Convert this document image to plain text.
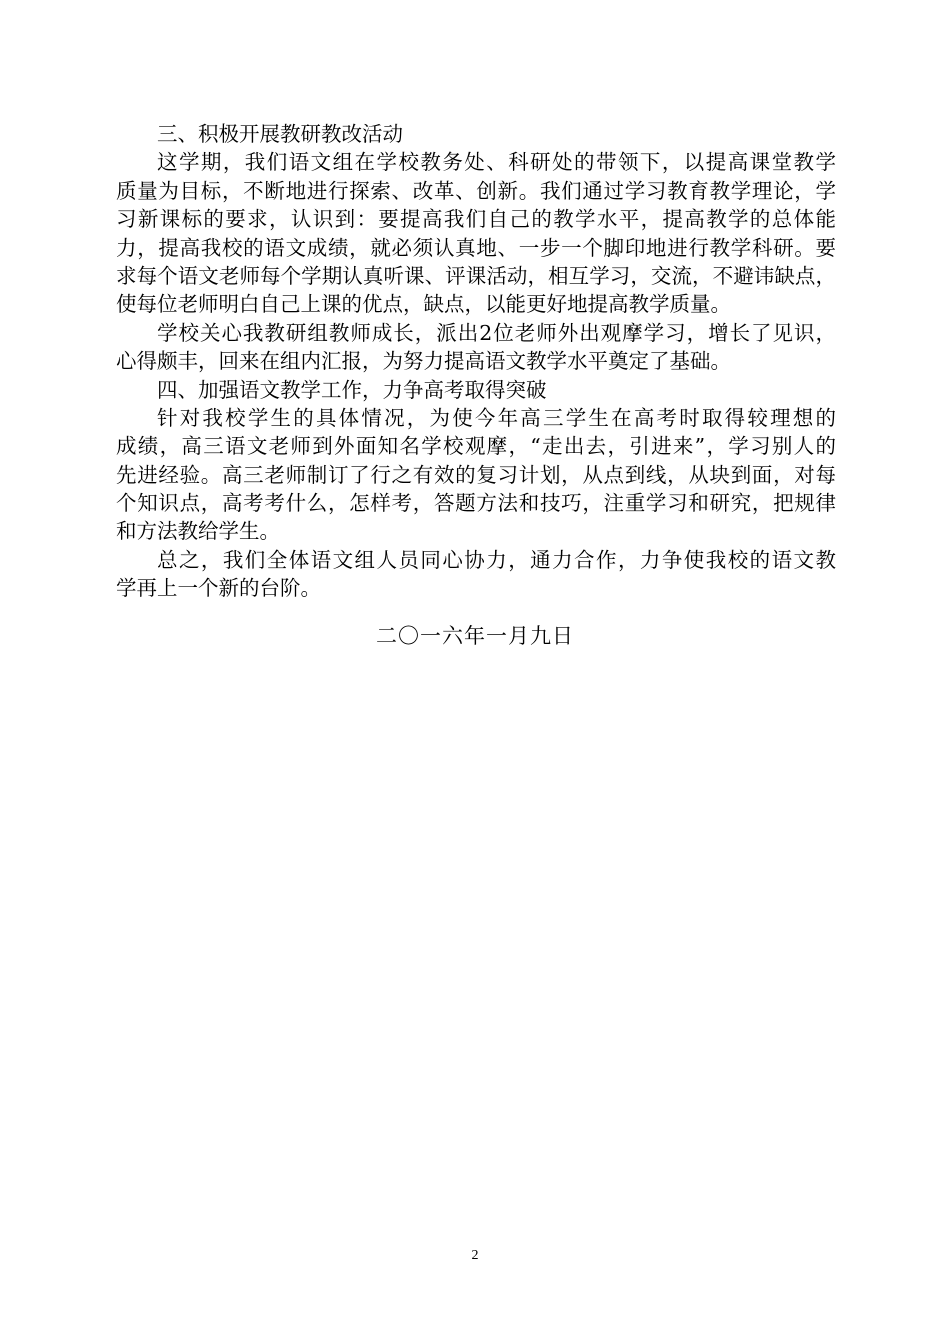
三、积极开展教研教改活动
这学期，我们语文组在学校教务处、科研处的带领下，以提高课堂教学
质量为目标，不断地进行探索、改革、创新。我们通过学习教育教学理论，学
习新课标的要求，认识到：要提高我们自己的教学水平，提高教学的总体能
力，提高我校的语文成绩，就必须认真地、一步一个脚印地进行教学科研。要
求每个语文老师每个学期认真听课、评课活动，相互学习，交流，不避讳缺点，
使每位老师明白自己上课的优点，缺点，以能更好地提高教学质量。
学校关心我教研组教师成长，派出2位老师外出观摩学习，增长了见识，
心得颇丰，回来在组内汇报，为努力提高语文教学水平奠定了基础。
四、加强语文教学工作，力争高考取得突破
针对我校学生的具体情况，为使今年高三学生在高考时取得较理想的
成绩，高三语文老师到外面知名学校观摩，“走出去，引进来”，学习别人的
先进经验。高三老师制订了行之有效的复习计划，从点到线，从块到面，对每
个知识点，高考考什么，怎样考，答题方法和技巧，注重学习和研究，把规律
和方法教给学生。
总之，我们全体语文组人员同心协力，通力合作，力争使我校的语文教
学再上一个新的台阶。
二〇一六年一月九日
2
